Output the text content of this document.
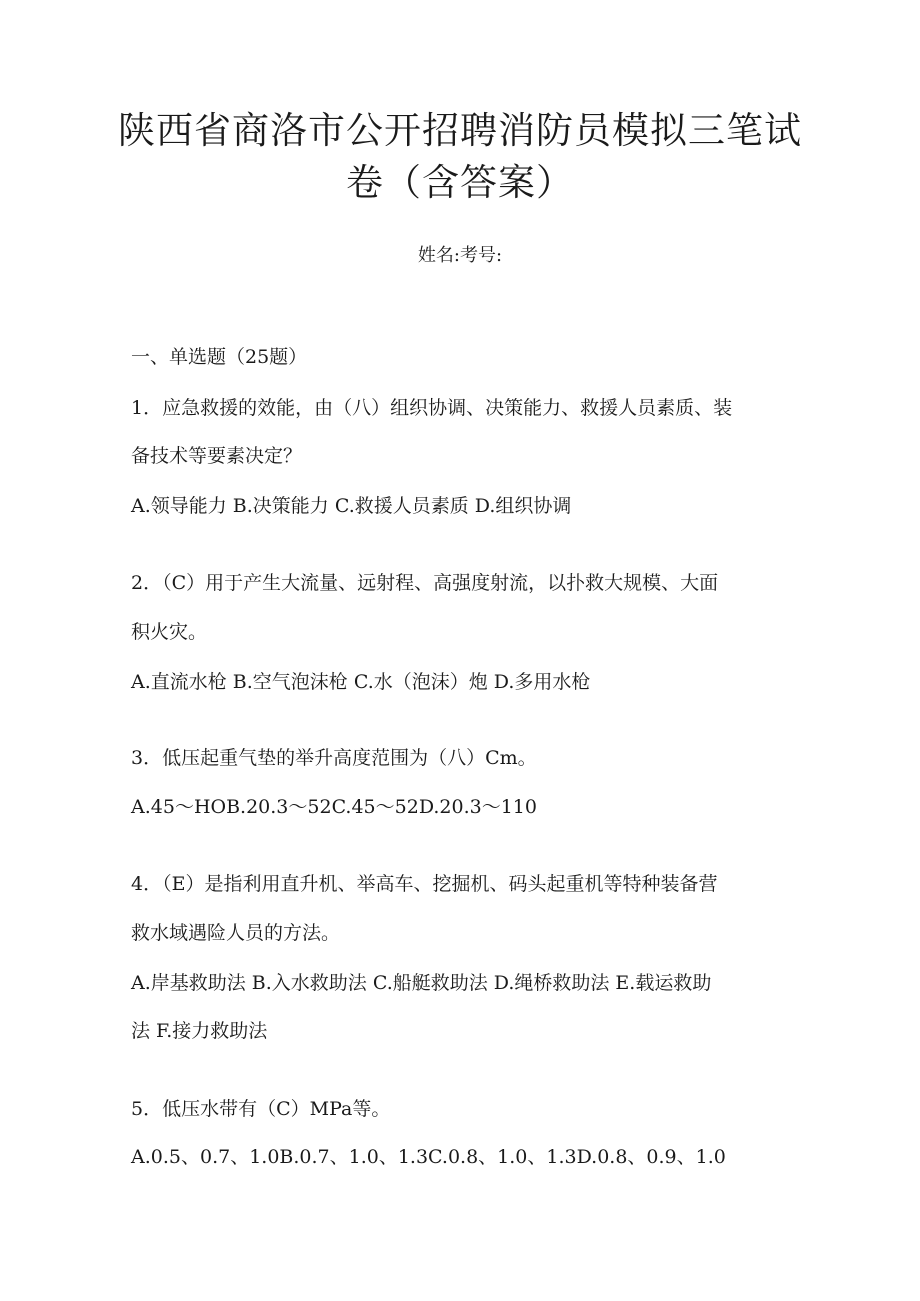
陕西省商洛市公开招聘消防员模拟三笔试
卷（含答案）
姓名:考号:
一、单选题（25题）
1．应急救援的效能，由（八）组织协调、决策能力、救援人员素质、装
备技术等要素决定？
A.领导能力 B.决策能力 C.救援人员素质 D.组织协调
2．（C）用于产生大流量、远射程、高强度射流，以扑救大规模、大面
积火灾。
A.直流水枪 B.空气泡沫枪 C.水（泡沫）炮 D.多用水枪
3．低压起重气垫的举升高度范围为（八）Cm。
A.45～HOB.20.3～52C.45～52D.20.3～110
4．（E）是指利用直升机、举高车、挖掘机、码头起重机等特种装备营
救水域遇险人员的方法。
A.岸基救助法 B.入水救助法 C.船艇救助法 D.绳桥救助法 E.载运救助
法 F.接力救助法
5．低压水带有（C）MPa等。
A.0.5、0.7、1.0B.0.7、1.0、1.3C.0.8、1.0、1.3D.0.8、0.9、1.0
